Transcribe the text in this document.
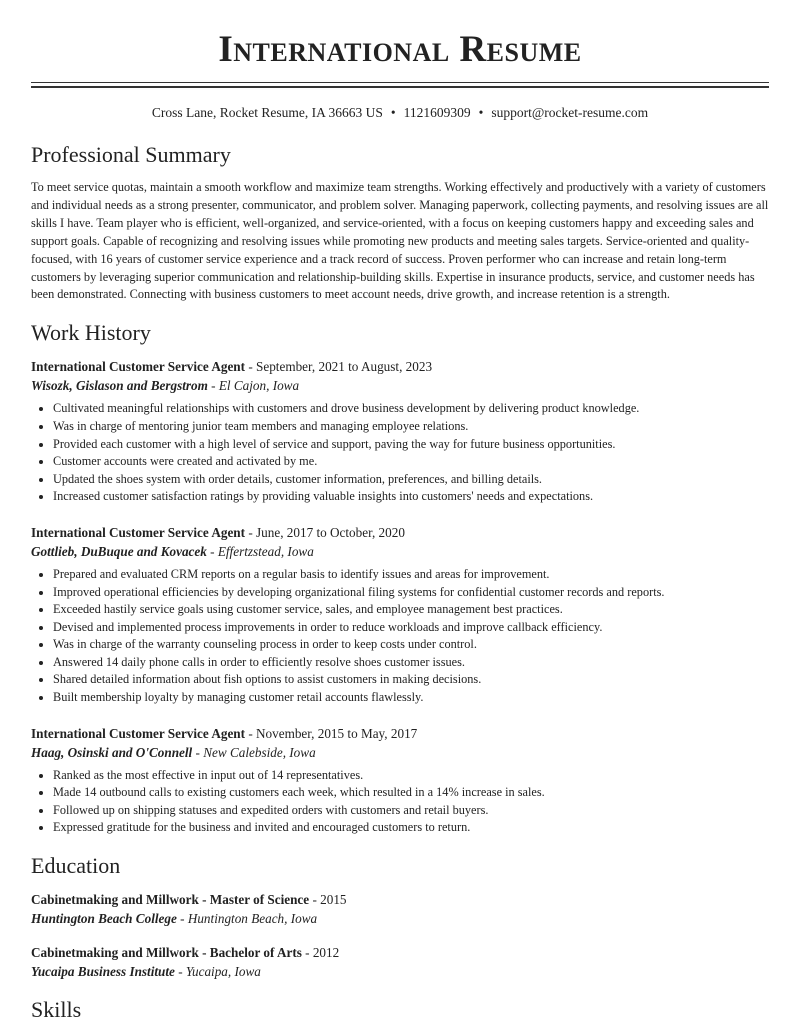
International Resume
Cross Lane, Rocket Resume, IA 36663 US • 1121609309 • support@rocket-resume.com
Professional Summary

To meet service quotas, maintain a smooth workflow and maximize team strengths. Working effectively and productively with a variety of customers and individual needs as a strong presenter, communicator, and problem solver. Managing paperwork, collecting payments, and resolving issues are all skills I have. Team player who is efficient, well-organized, and service-oriented, with a focus on keeping customers happy and exceeding sales and support goals. Capable of recognizing and resolving issues while promoting new products and meeting sales targets. Service-oriented and quality-focused, with 16 years of customer service experience and a track record of success. Proven performer who can increase and retain long-term customers by leveraging superior communication and relationship-building skills. Expertise in insurance products, service, and customer needs has been demonstrated. Connecting with business customers to meet account needs, drive growth, and increase retention is a strength.

Work History
International Customer Service Agent - September, 2021 to August, 2023
Wisozk, Gislason and Bergstrom - El Cajon, Iowa
• Cultivated meaningful relationships with customers and drove business development by delivering product knowledge.
• Was in charge of mentoring junior team members and managing employee relations.
• Provided each customer with a high level of service and support, paving the way for future business opportunities.
• Customer accounts were created and activated by me.
• Updated the shoes system with order details, customer information, preferences, and billing details.
• Increased customer satisfaction ratings by providing valuable insights into customers' needs and expectations.
International Customer Service Agent - June, 2017 to October, 2020
Gottlieb, DuBuque and Kovacek - Effertzstead, Iowa
• Prepared and evaluated CRM reports on a regular basis to identify issues and areas for improvement.
• Improved operational efficiencies by developing organizational filing systems for confidential customer records and reports.
• Exceeded hastily service goals using customer service, sales, and employee management best practices.
• Devised and implemented process improvements in order to reduce workloads and improve callback efficiency.
• Was in charge of the warranty counseling process in order to keep costs under control.
• Answered 14 daily phone calls in order to efficiently resolve shoes customer issues.
• Shared detailed information about fish options to assist customers in making decisions.
• Built membership loyalty by managing customer retail accounts flawlessly.
International Customer Service Agent - November, 2015 to May, 2017
Haag, Osinski and O'Connell - New Calebside, Iowa
• Ranked as the most effective in input out of 14 representatives.
• Made 14 outbound calls to existing customers each week, which resulted in a 14% increase in sales.
• Followed up on shipping statuses and expedited orders with customers and retail buyers.
• Expressed gratitude for the business and invited and encouraged customers to return.
Education
Cabinetmaking and Millwork - Master of Science - 2015
Huntington Beach College - Huntington Beach, Iowa
Cabinetmaking and Millwork - Bachelor of Arts - 2012
Yucaipa Business Institute - Yucaipa, Iowa
Skills
